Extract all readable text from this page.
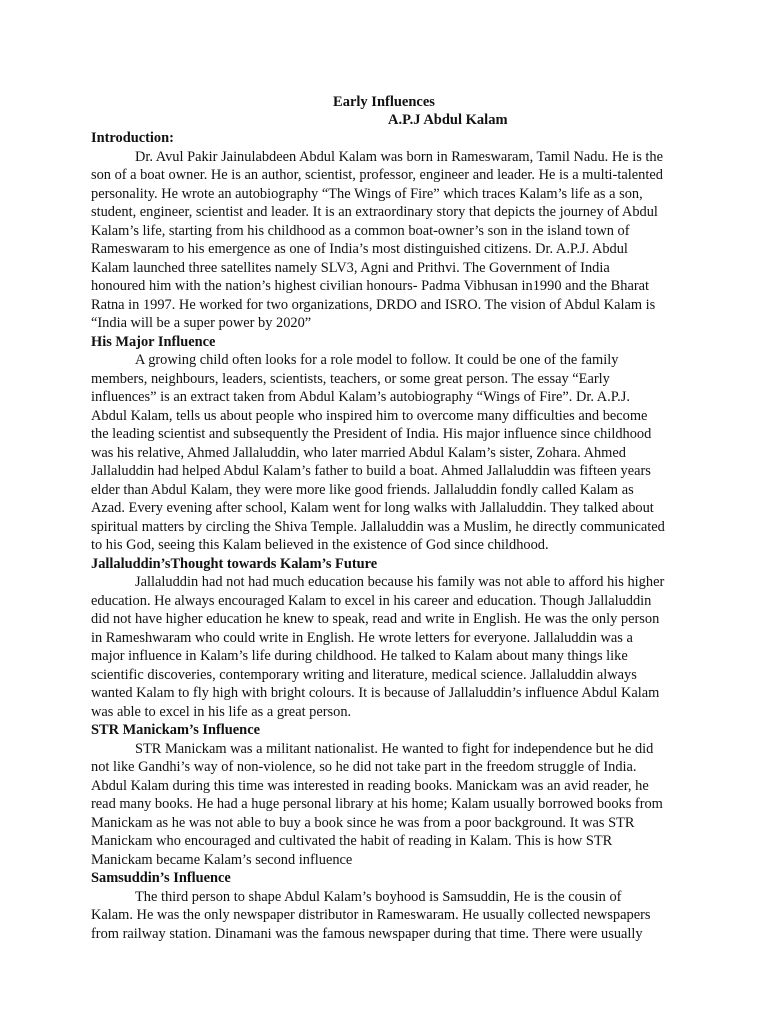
Early Influences
A.P.J Abdul Kalam

Introduction:

Dr. Avul Pakir Jainulabdeen Abdul Kalam was born in Rameswaram, Tamil Nadu. He is the son of a boat owner. He is an author, scientist, professor, engineer and leader. He is a multi-talented personality. He wrote an autobiography “The Wings of Fire” which traces Kalam’s life as a son, student, engineer, scientist and leader. It is an extraordinary story that depicts the journey of Abdul Kalam’s life, starting from his childhood as a common boat-owner’s son in the island town of Rameswaram to his emergence as one of India’s most distinguished citizens. Dr. A.P.J. Abdul Kalam launched three satellites namely SLV3, Agni and Prithvi. The Government of India honoured him with the nation’s highest civilian honours- Padma Vibhusan in1990 and the Bharat Ratna in 1997. He worked for two organizations, DRDO and ISRO. The vision of Abdul Kalam is “India will be a super power by 2020”

His Major Influence

A growing child often looks for a role model to follow. It could be one of the family members, neighbours, leaders, scientists, teachers, or some great person. The essay “Early influences” is an extract taken from Abdul Kalam’s autobiography “Wings of Fire”. Dr. A.P.J. Abdul Kalam, tells us about people who inspired him to overcome many difficulties and become the leading scientist and subsequently the President of India. His major influence since childhood was his relative, Ahmed Jallaluddin, who later married Abdul Kalam’s sister, Zohara. Ahmed Jallaluddin had helped Abdul Kalam’s father to build a boat. Ahmed Jallaluddin was fifteen years elder than Abdul Kalam, they were more like good friends. Jallaluddin fondly called Kalam as Azad. Every evening after school, Kalam went for long walks with Jallaluddin. They talked about spiritual matters by circling the Shiva Temple. Jallaluddin was a Muslim, he directly communicated to his God, seeing this Kalam believed in the existence of God since childhood.

Jallaluddin’sThought towards Kalam’s Future

Jallaluddin had not had much education because his family was not able to afford his higher education. He always encouraged Kalam to excel in his career and education. Though Jallaluddin did not have higher education he knew to speak, read and write in English. He was the only person in Rameshwaram who could write in English. He wrote letters for everyone. Jallaluddin was a major influence in Kalam’s life during childhood. He talked to Kalam about many things like scientific discoveries, contemporary writing and literature, medical science. Jallaluddin always wanted Kalam to fly high with bright colours. It is because of Jallaluddin’s influence Abdul Kalam was able to excel in his life as a great person.

STR Manickam’s Influence

STR Manickam was a militant nationalist. He wanted to fight for independence but he did not like Gandhi’s way of non-violence, so he did not take part in the freedom struggle of India. Abdul Kalam during this time was interested in reading books. Manickam was an avid reader, he read many books. He had a huge personal library at his home; Kalam usually borrowed books from Manickam as he was not able to buy a book since he was from a poor background. It was STR Manickam who encouraged and cultivated the habit of reading in Kalam. This is how STR Manickam became Kalam’s second influence

Samsuddin’s Influence

The third person to shape Abdul Kalam’s boyhood is Samsuddin, He is the cousin of Kalam. He was the only newspaper distributor in Rameswaram. He usually collected newspapers from railway station. Dinamani was the famous newspaper during that time. There were usually
